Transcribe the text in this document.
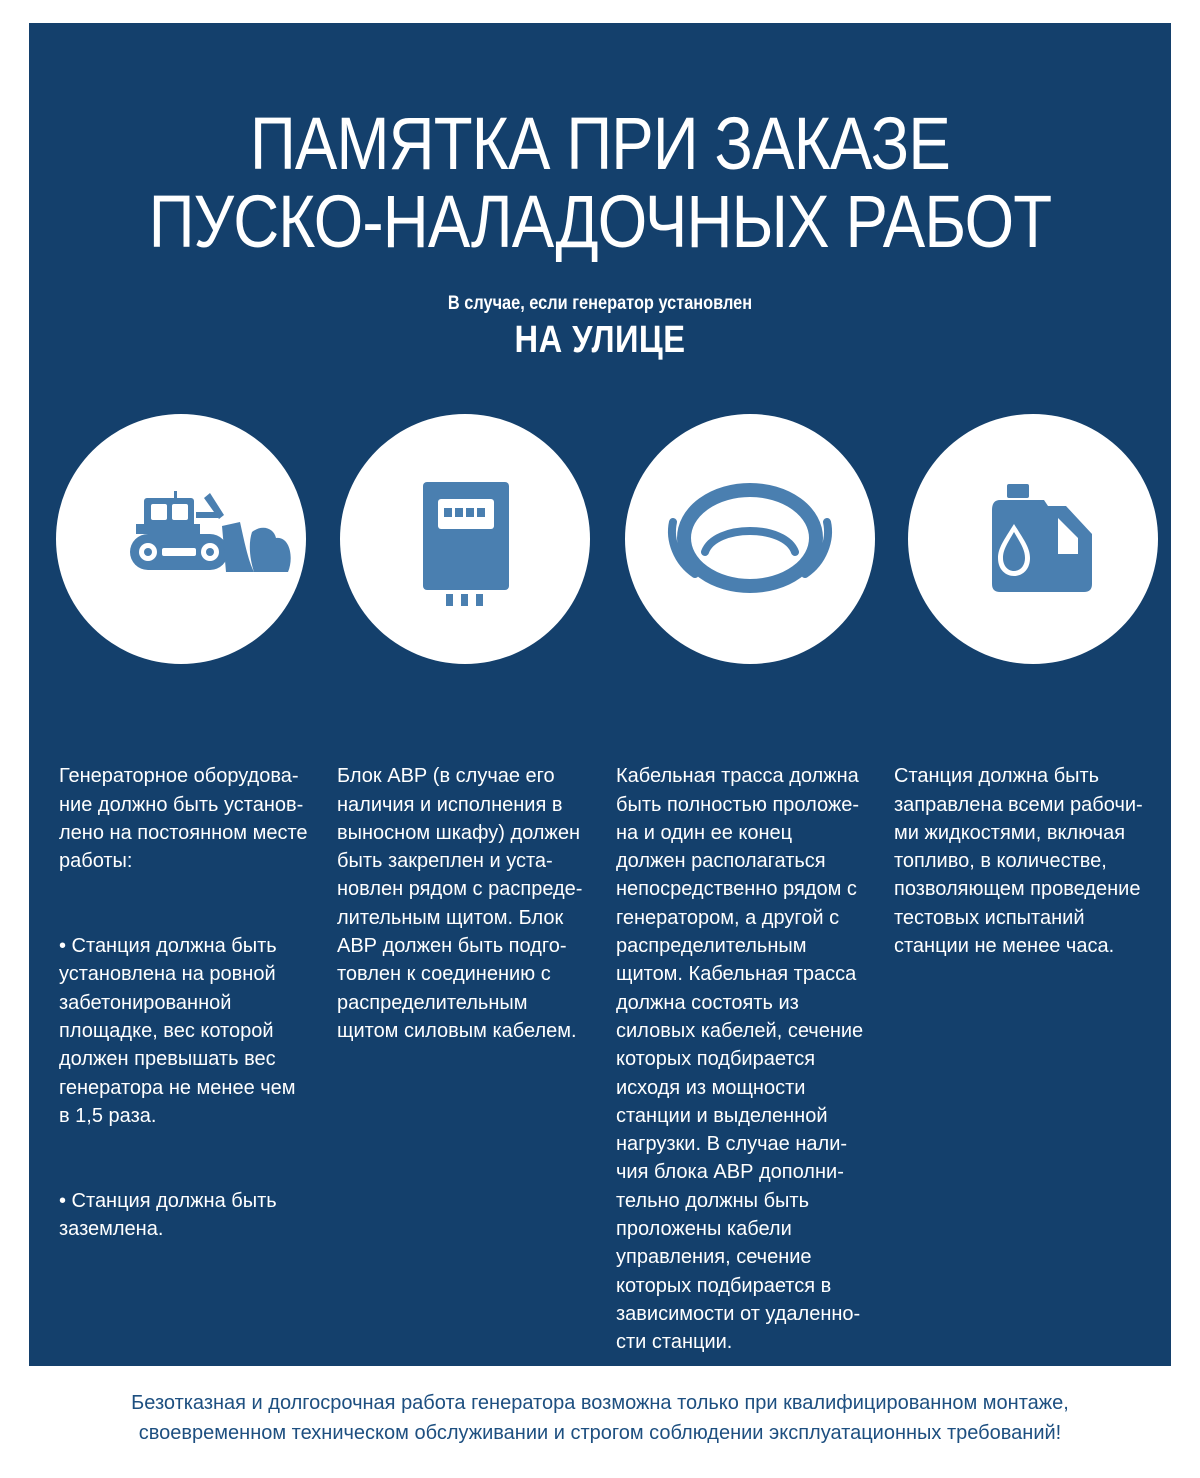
ПАМЯТКА ПРИ ЗАКАЗЕ
ПУСКО-НАЛАДОЧНЫХ РАБОТ
В случае, если генератор установлен
НА УЛИЦЕ

Генераторное оборудова-
ние должно быть установ-
лено на постоянном месте
работы:

• Станция должна быть
установлена на ровной
забетонированной
площадке, вес которой
должен превышать вес
генератора не менее чем
в 1,5 раза.

• Станция должна быть
заземлена.

Блок АВР (в случае его
наличия и исполнения в
выносном шкафу) должен
быть закреплен и уста-
новлен рядом с распреде-
лительным щитом. Блок
АВР должен быть подго-
товлен к соединению с
распределительным
щитом силовым кабелем.

Кабельная трасса должна
быть полностью проложе-
на и один ее конец
должен располагаться
непосредственно рядом с
генератором, а другой с
распределительным
щитом. Кабельная трасса
должна состоять из
силовых кабелей, сечение
которых подбирается
исходя из мощности
станции и выделенной
нагрузки. В случае нали-
чия блока АВР дополни-
тельно должны быть
проложены кабели
управления, сечение
которых подбирается в
зависимости от удаленно-
сти станции.

Станция должна быть
заправлена всеми рабочи-
ми жидкостями, включая
топливо, в количестве,
позволяющем проведение
тестовых испытаний
станции не менее часа.

Безотказная и долгосрочная работа генератора возможна только при квалифицированном монтаже,
своевременном техническом обслуживании и строгом соблюдении эксплуатационных требований!
